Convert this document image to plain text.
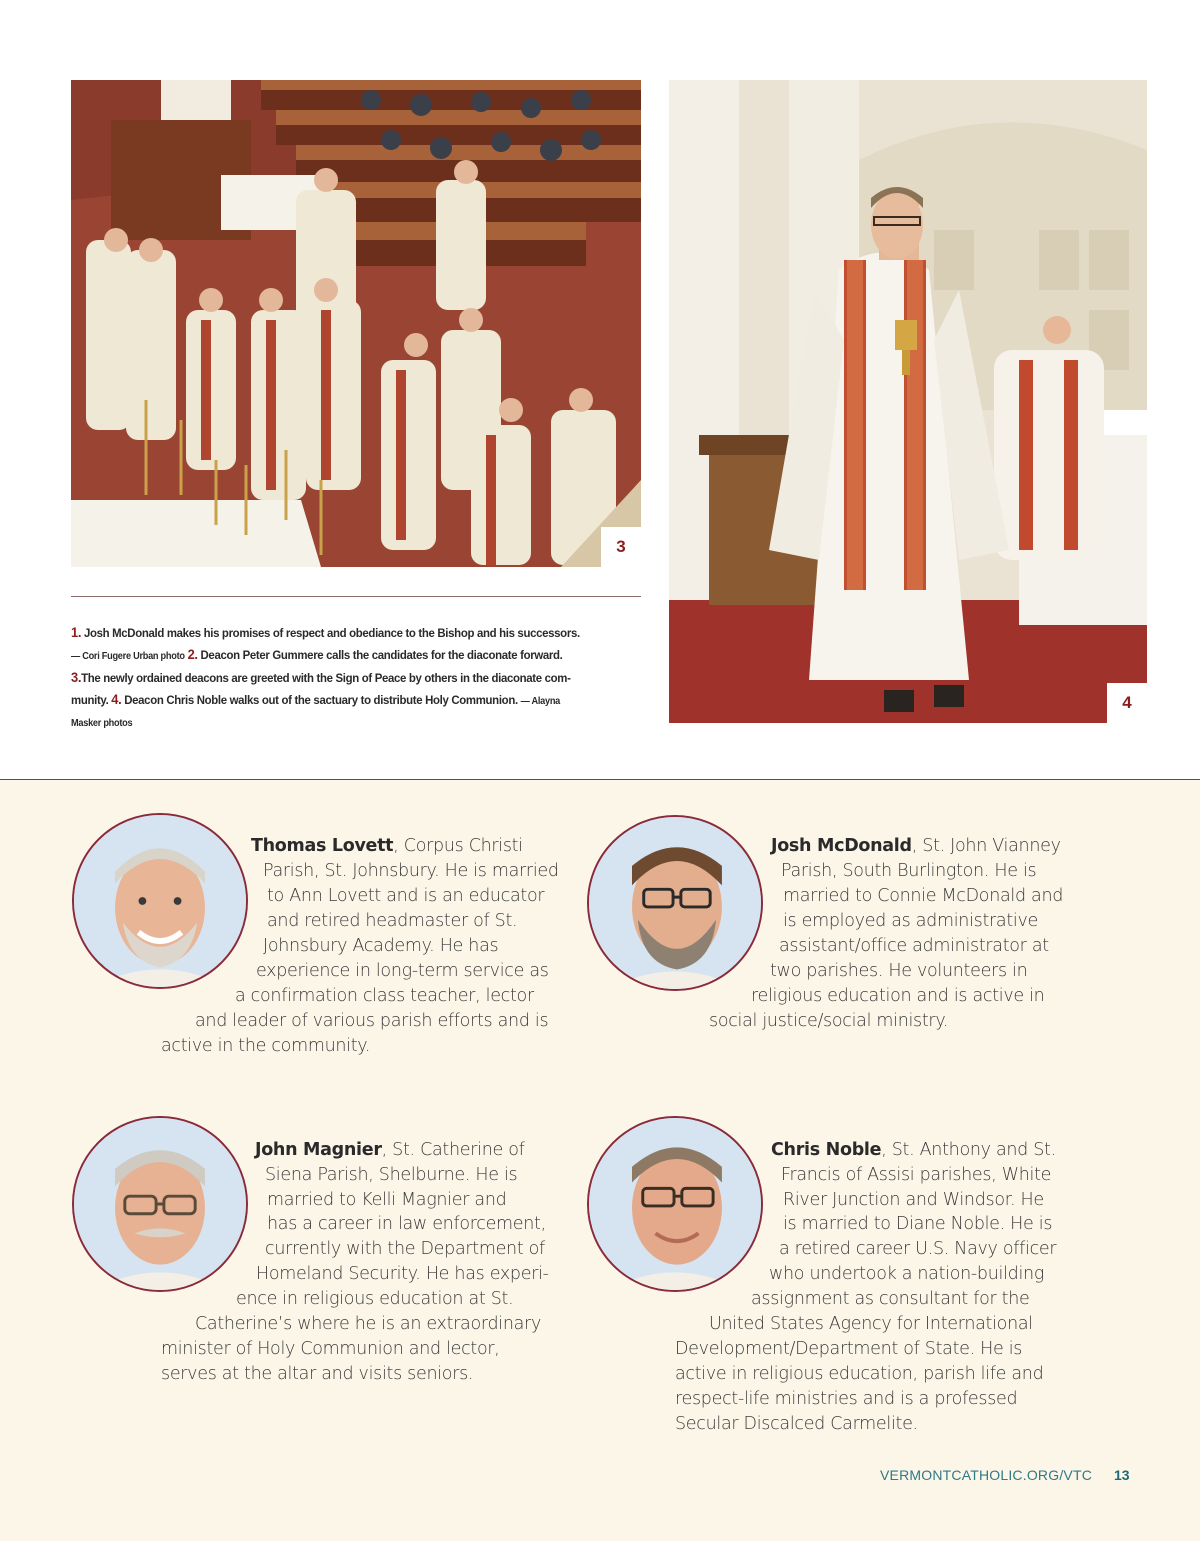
3
4
1. Josh McDonald makes his promises of respect and obediance to the Bishop and his successors.
— Cori Fugere Urban photo 2. Deacon Peter Gummere calls the candidates for the diaconate forward.
3.The newly ordained deacons are greeted with the Sign of Peace by others in the diaconate com-
munity. 4. Deacon Chris Noble walks out of the sactuary to distribute Holy Communion. — Alayna
Masker photos
Thomas Lovett, Corpus Christi
Parish, St. Johnsbury. He is married
to Ann Lovett and is an educator
and retired headmaster of St.
Johnsbury Academy. He has
experience in long-term service as
a confirmation class teacher, lector
and leader of various parish efforts and is
active in the community.
Josh McDonald, St. John Vianney
Parish, South Burlington. He is
married to Connie McDonald and
is employed as administrative
assistant/office administrator at
two parishes. He volunteers in
religious education and is active in
social justice/social ministry.
John Magnier, St. Catherine of
Siena Parish, Shelburne. He is
married to Kelli Magnier and
has a career in law enforcement,
currently with the Department of
Homeland Security. He has experi-
ence in religious education at St.
Catherine’s where he is an extraordinary
minister of Holy Communion and lector,
serves at the altar and visits seniors.
Chris Noble, St. Anthony and St.
Francis of Assisi parishes, White
River Junction and Windsor. He
is married to Diane Noble. He is
a retired career U.S. Navy officer
who undertook a nation-building
assignment as consultant for the
United States Agency for International
Development/Department of State. He is
active in religious education, parish life and
respect-life ministries and is a professed
Secular Discalced Carmelite.
VERMONTCATHOLIC.ORG/VTC 13
